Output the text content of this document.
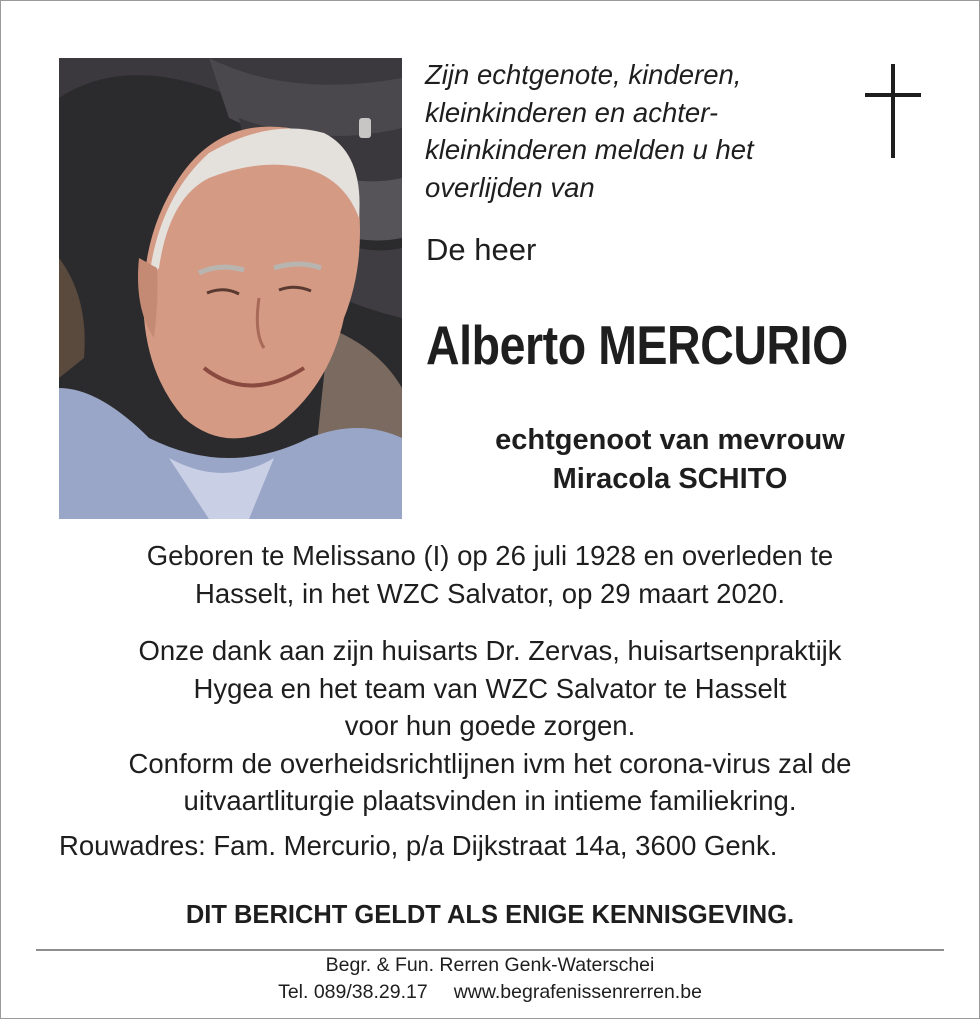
Zijn echtgenote, kinderen,
kleinkinderen en achter-
kleinkinderen melden u het
overlijden van
De heer
Alberto MERCURIO
echtgenoot van mevrouw
Miracola SCHITO
Geboren te Melissano (I) op 26 juli 1928 en overleden te
Hasselt, in het WZC Salvator, op 29 maart 2020.
Onze dank aan zijn huisarts Dr. Zervas, huisartsenpraktijk
Hygea en het team van WZC Salvator te Hasselt
voor hun goede zorgen.
Conform de overheidsrichtlijnen ivm het corona-virus zal de
uitvaartliturgie plaatsvinden in intieme familiekring.
Rouwadres: Fam. Mercurio, p/a Dijkstraat 14a, 3600 Genk.
DIT BERICHT GELDT ALS ENIGE KENNISGEVING.
Begr. & Fun. Rerren Genk-Waterschei
Tel. 089/38.29.17 www.begrafenissenrerren.be
